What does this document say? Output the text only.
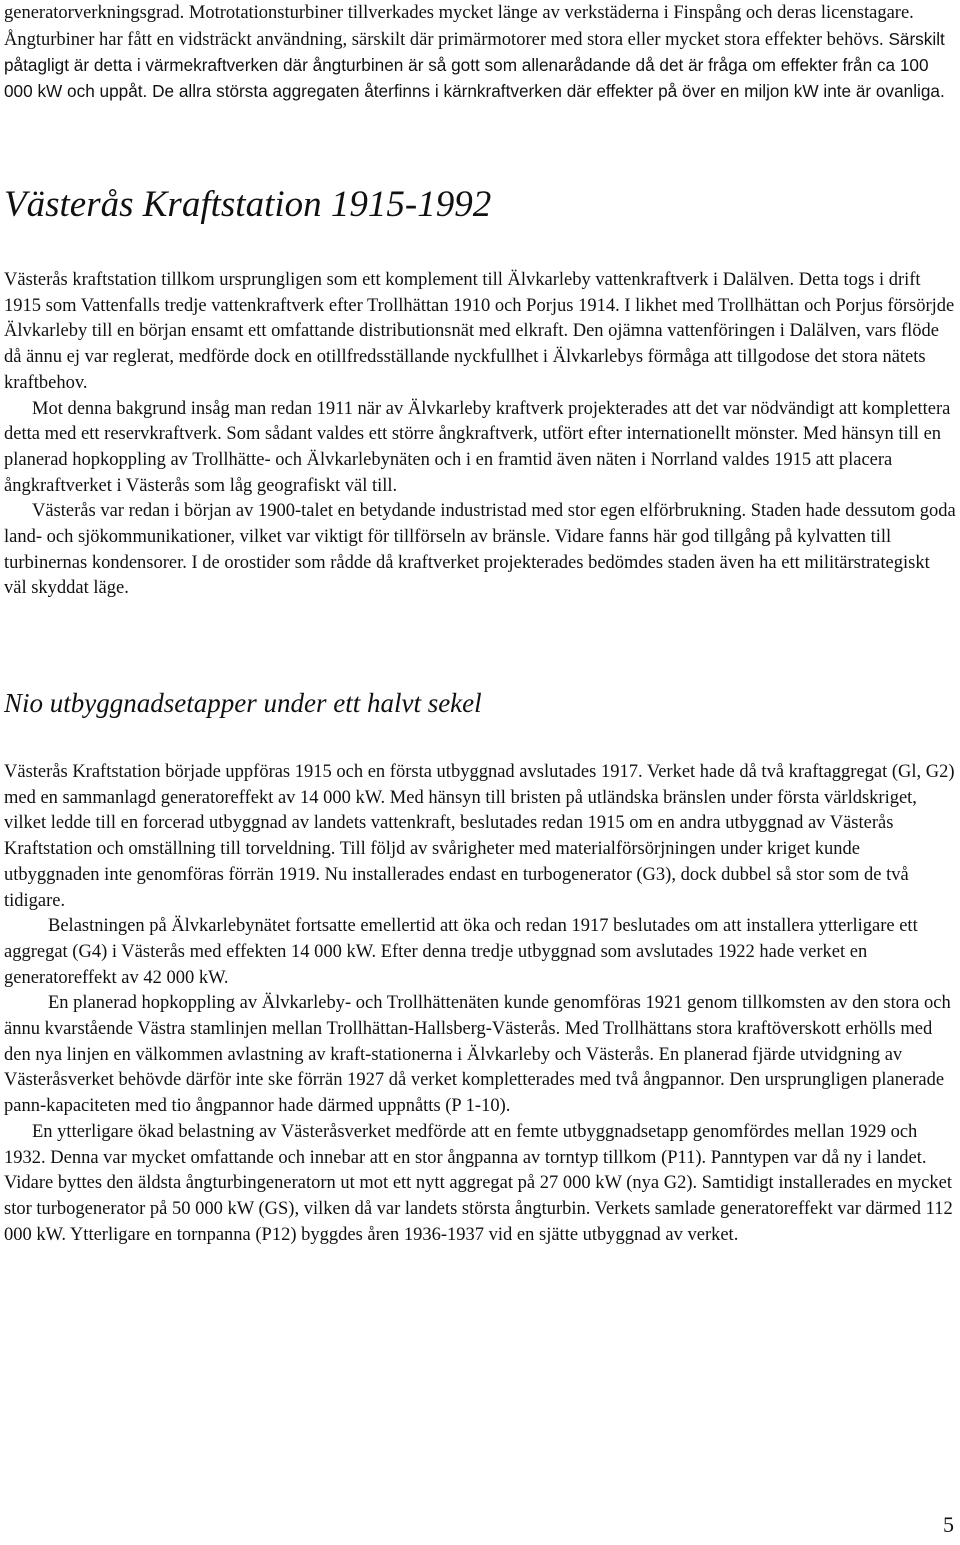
generatorverkningsgrad. Motrotationsturbiner tillverkades mycket länge av verkstäderna i Finspång och deras licenstagare.
Ångturbiner har fått en vidsträckt användning, särskilt där primärmotorer med stora eller mycket stora effekter behövs. Särskilt påtagligt är detta i värmekraftverken där ångturbinen är så gott som allenarådande då det är fråga om effekter från ca 100 000 kW och uppåt. De allra största aggregaten återfinns i kärnkraftverken där effekter på över en miljon kW inte är ovanliga.
Västerås Kraftstation 1915-1992

Västerås kraftstation tillkom ursprungligen som ett komplement till Älvkarleby vattenkraftverk i Dalälven. Detta togs i drift 1915 som Vattenfalls tredje vattenkraftverk efter Trollhättan 1910 och Porjus 1914. I likhet med Trollhättan och Porjus försörjde Älvkarleby till en början ensamt ett omfattande distributionsnät med elkraft. Den ojämna vattenföringen i Dalälven, vars flöde då ännu ej var reglerat, medförde dock en otillfredsställande nyckfullhet i Älvkarlebys förmåga att tillgodose det stora nätets kraftbehov.

Mot denna bakgrund insåg man redan 1911 när av Älvkarleby kraftverk projekterades att det var nödvändigt att komplettera detta med ett reservkraftverk. Som sådant valdes ett större ångkraftverk, utfört efter internationellt mönster. Med hänsyn till en planerad hopkoppling av Trollhätte- och Älvkarlebynäten och i en framtid även näten i Norrland valdes 1915 att placera ångkraftverket i Västerås som låg geografiskt väl till.

Västerås var redan i början av 1900-talet en betydande industristad med stor egen elförbrukning. Staden hade dessutom goda land- och sjökommunikationer, vilket var viktigt för tillförseln av bränsle. Vidare fanns här god tillgång på kylvatten till turbinernas kondensorer. I de orostider som rådde då kraftverket projekterades bedömdes staden även ha ett militärstrategiskt väl skyddat läge.

Nio utbyggnadsetapper under ett halvt sekel

Västerås Kraftstation började uppföras 1915 och en första utbyggnad avslutades 1917. Verket hade då två kraftaggregat (Gl, G2) med en sammanlagd generatoreffekt av 14 000 kW. Med hänsyn till bristen på utländska bränslen under första världskriget, vilket ledde till en forcerad utbyggnad av landets vattenkraft, beslutades redan 1915 om en andra utbyggnad av Västerås Kraftstation och omställning till torveldning. Till följd av svårigheter med materialförsörjningen under kriget kunde utbyggnaden inte genomföras förrän 1919. Nu installerades endast en turbogenerator (G3), dock dubbel så stor som de två tidigare.

Belastningen på Älvkarlebynätet fortsatte emellertid att öka och redan 1917 beslutades om att installera ytterligare ett aggregat (G4) i Västerås med effekten 14 000 kW. Efter denna tredje utbyggnad som avslutades 1922 hade verket en generatoreffekt av 42 000 kW.

En planerad hopkoppling av Älvkarleby- och Trollhättenäten kunde genomföras 1921 genom tillkomsten av den stora och ännu kvarstående Västra stamlinjen mellan Trollhättan-Hallsberg-Västerås. Med Trollhättans stora kraftöverskott erhölls med den nya linjen en välkommen avlastning av kraft-stationerna i Älvkarleby och Västerås. En planerad fjärde utvidgning av Västeråsverket behövde därför inte ske förrän 1927 då verket kompletterades med två ångpannor. Den ursprungligen planerade pann-kapaciteten med tio ångpannor hade därmed uppnåtts (P 1-10).

En ytterligare ökad belastning av Västeråsverket medförde att en femte utbyggnadsetapp genomfördes mellan 1929 och 1932. Denna var mycket omfattande och innebar att en stor ångpanna av torntyp tillkom (P11). Panntypen var då ny i landet. Vidare byttes den äldsta ångturbingeneratorn ut mot ett nytt aggregat på 27 000 kW (nya G2). Samtidigt installerades en mycket stor turbogenerator på 50 000 kW (GS), vilken då var landets största ångturbin. Verkets samlade generatoreffekt var därmed 112 000 kW. Ytterligare en tornpanna (P12) byggdes åren 1936-1937 vid en sjätte utbyggnad av verket.

5
